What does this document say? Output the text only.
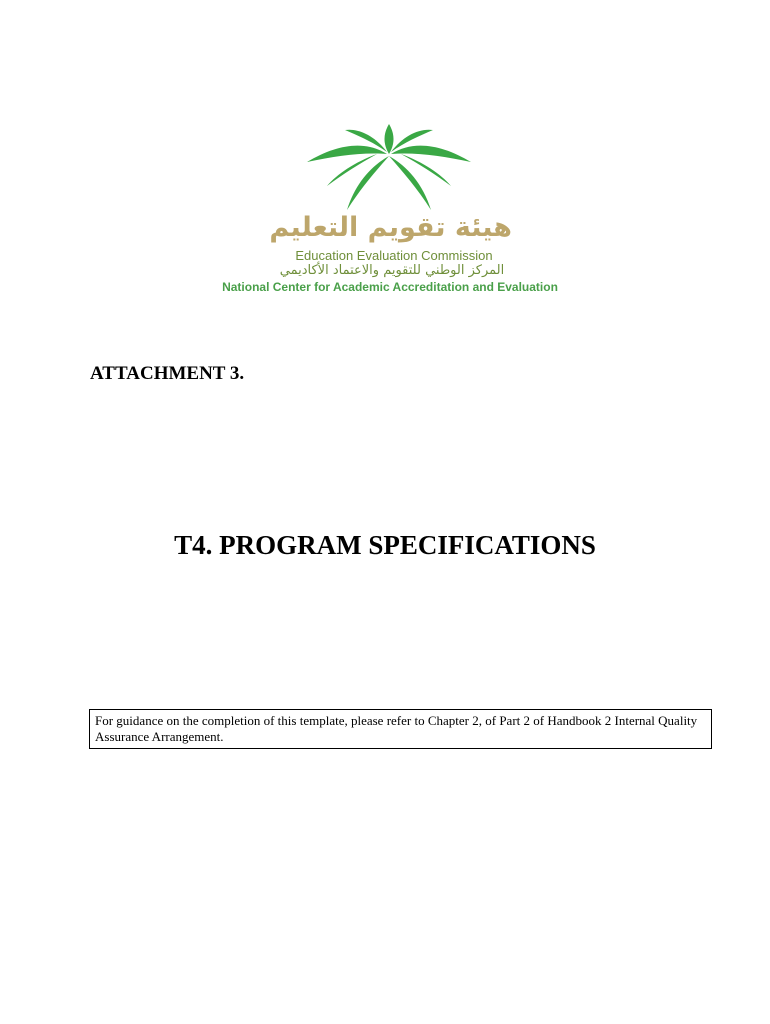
هيئة تقويم التعليم
Education Evaluation Commission
المركز الوطني للتقويم والاعتماد الأكاديمي
National Center for Academic Accreditation and Evaluation
ATTACHMENT 3.
T4. PROGRAM SPECIFICATIONS
For guidance on the completion of this template, please refer to Chapter 2, of Part 2 of Handbook 2 Internal Quality Assurance Arrangement.
